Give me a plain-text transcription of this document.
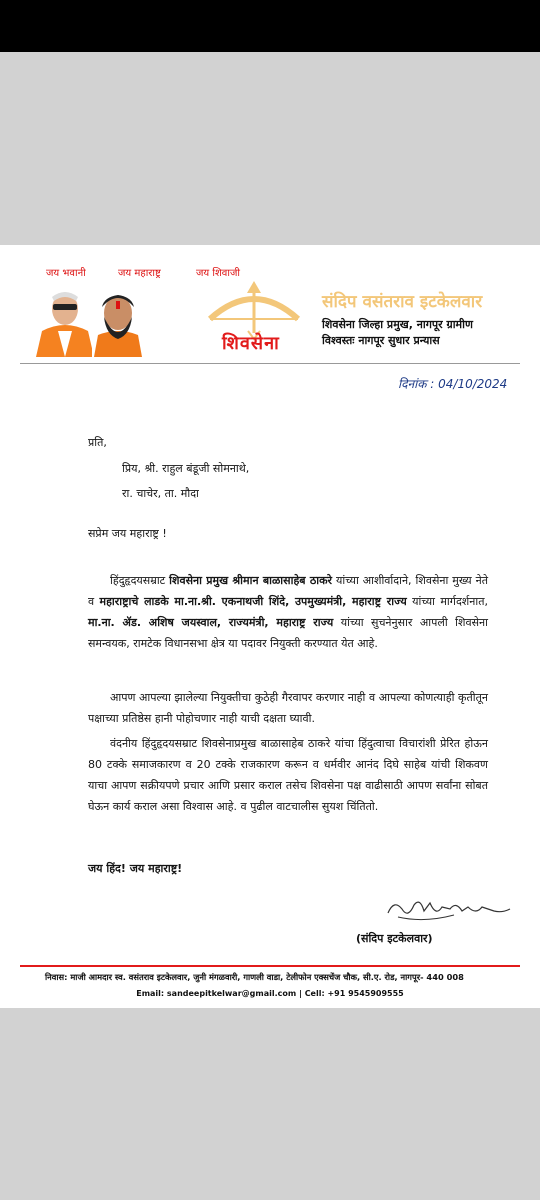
जय भवानी	जय महाराष्ट्र	जय शिवाजी
शिवसेना
संदिप वसंतराव इटकेलवार
शिवसेना जिल्हा प्रमुख, नागपूर ग्रामीण
विश्वस्तः नागपूर सुधार प्रन्यास
दिनांक : 04/10/2024
प्रति,
प्रिय, श्री. राहुल बंडूजी सोमनाथे,
रा. चाचेर, ता. मौदा
सप्रेम जय महाराष्ट्र !

हिंदुहृदयसम्राट शिवसेना प्रमुख श्रीमान बाळासाहेब ठाकरे यांच्या आशीर्वादाने, शिवसेना मुख्य नेते व महाराष्ट्राचे लाडके मा.ना.श्री. एकनाथजी शिंदे, उपमुख्यमंत्री, महाराष्ट्र राज्य यांच्या मार्गदर्शनात, मा.ना. ॲड. अशिष जयस्वाल, राज्यमंत्री, महाराष्ट्र राज्य यांच्या सुचनेनुसार आपली शिवसेना समन्वयक, रामटेक विधानसभा क्षेत्र या पदावर नियुक्ती करण्यात येत आहे.

आपण आपल्या झालेल्या नियुक्तीचा कुठेही गैरवापर करणार नाही व आपल्या कोणत्याही कृतीतून पक्षाच्या प्रतिष्ठेस हानी पोहोचणार नाही याची दक्षता घ्यावी.

वंदनीय हिंदुहृदयसम्राट शिवसेनाप्रमुख बाळासाहेब ठाकरे यांचा हिंदुत्वाचा विचारांशी प्रेरित होऊन 80 टक्के समाजकारण व 20 टक्के राजकारण करून व धर्मवीर आनंद दिघे साहेब यांची शिकवण याचा आपण सक्रीयपणे प्रचार आणि प्रसार कराल तसेच शिवसेना पक्ष वाढीसाठी आपण सर्वांना सोबत घेऊन कार्य कराल असा विश्वास आहे. व पुढील वाटचालीस सुयश चिंतितो.

जय हिंद! जय महाराष्ट्र!
(संदिप इटकेलवार)
निवास: माजी आमदार स्व. वसंतराव इटकेलवार, जुनी मंगळवारी, गाणली वाडा, टेलीफोन एक्सचेंज चौक, सी.ए. रोड, नागपूर- 440 008
Email: sandeepitkelwar@gmail.com | Cell: +91 9545909555
